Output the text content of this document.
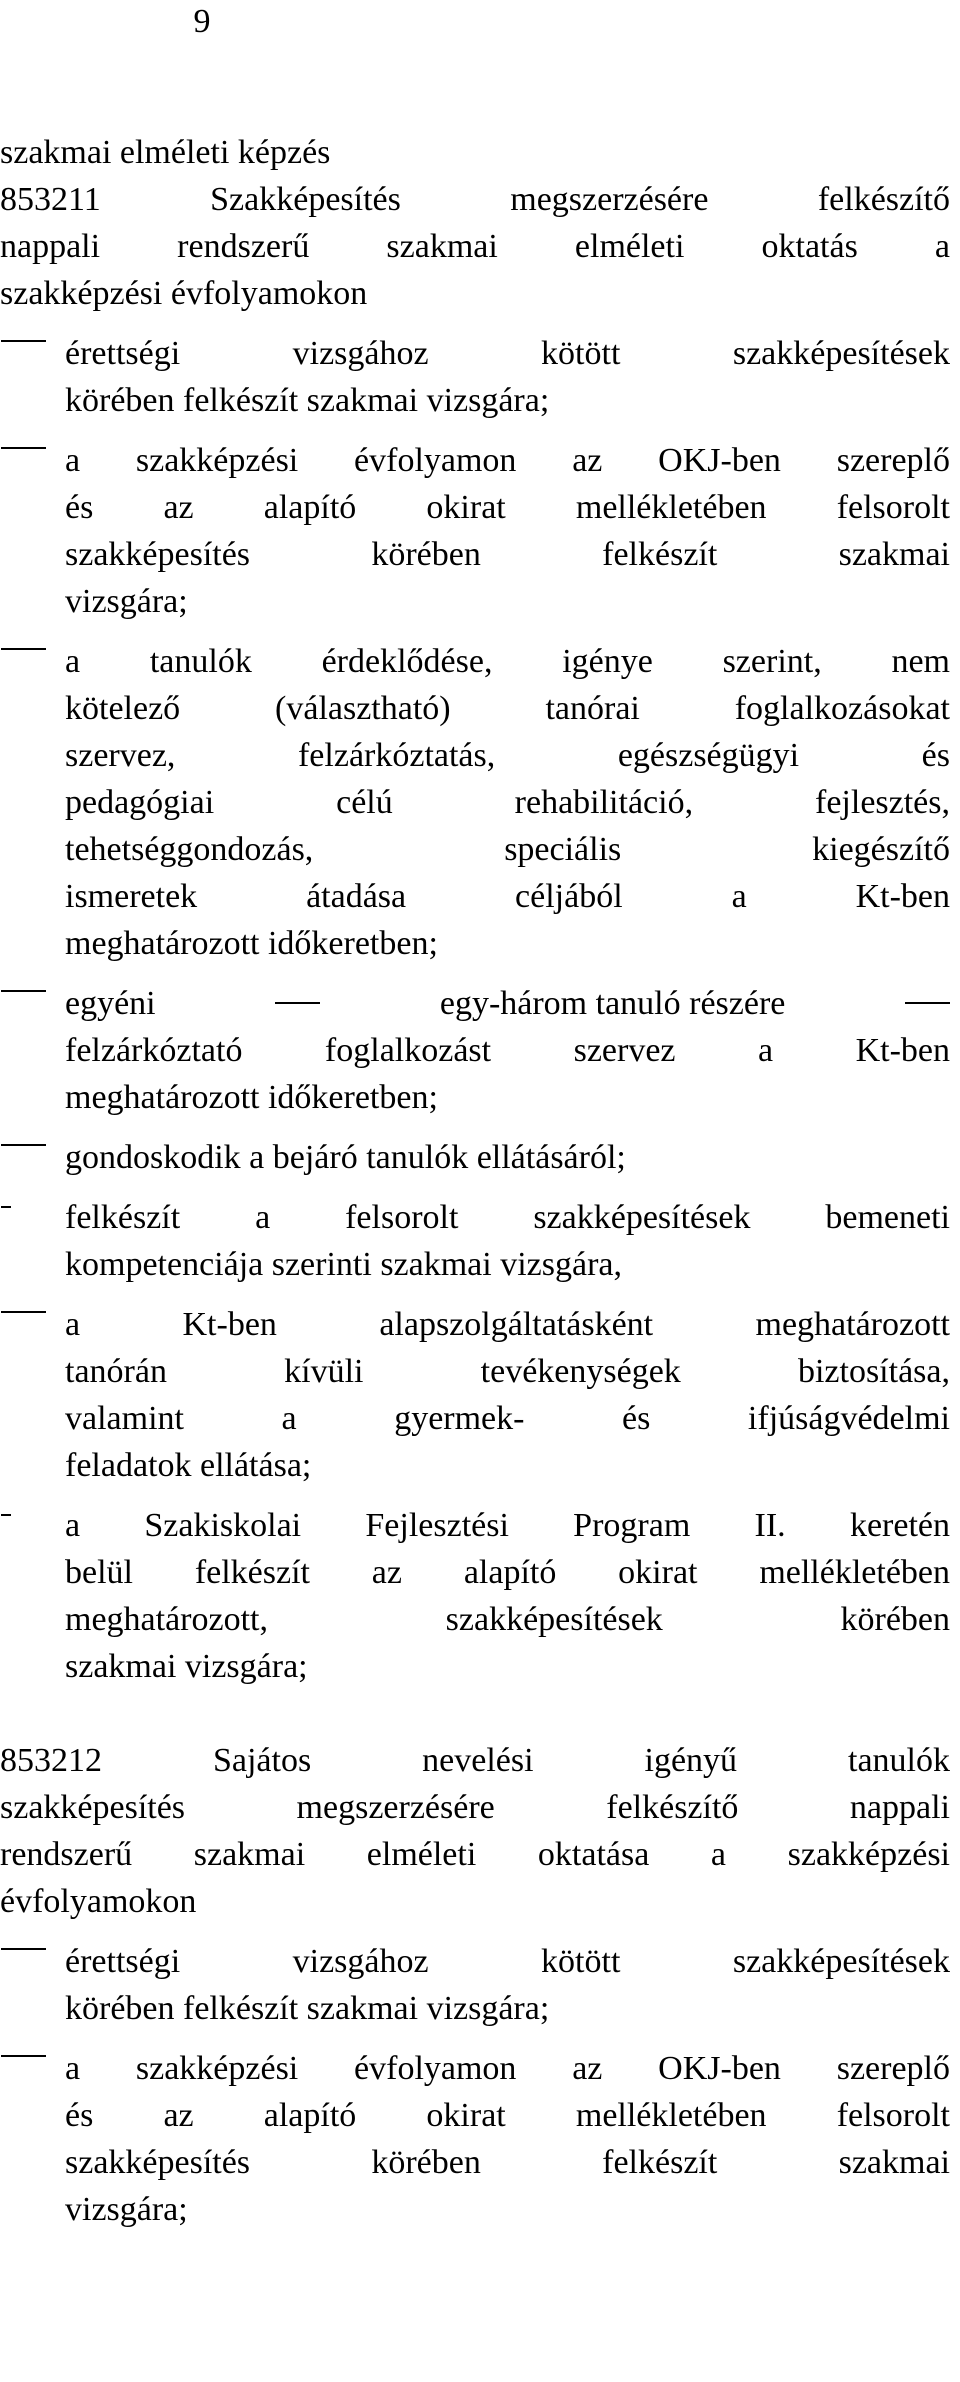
9
szakmai elméleti képzés
853211 Szakképesítés megszerzésére felkészítő
nappali rendszerű szakmai elméleti oktatás a
szakképzési évfolyamokon
érettségi vizsgához kötött szakképesítések
körében felkészít szakmai vizsgára;
a szakképzési évfolyamon az OKJ-ben szereplő
és az alapító okirat mellékletében felsorolt
szakképesítés körében felkészít szakmai
vizsgára;
a tanulók érdeklődése, igénye szerint, nem
kötelező (választható) tanórai foglalkozásokat
szervez, felzárkóztatás, egészségügyi és
pedagógiai célú rehabilitáció, fejlesztés,
tehetséggondozás, speciális kiegészítő
ismeretek átadása céljából a Kt-ben
meghatározott időkeretben;
egyéni	egy-három tanuló részére
felzárkóztató foglalkozást szervez a Kt-ben
meghatározott időkeretben;
gondoskodik a bejáró tanulók ellátásáról;
felkészít a felsorolt szakképesítések bemeneti
kompetenciája szerinti szakmai vizsgára,
a Kt-ben alapszolgáltatásként meghatározott
tanórán kívüli tevékenységek biztosítása,
valamint a gyermek- és ifjúságvédelmi
feladatok ellátása;
a Szakiskolai Fejlesztési Program II. keretén
belül felkészít az alapító okirat mellékletében
meghatározott, szakképesítések körében
szakmai vizsgára;
853212 Sajátos nevelési igényű tanulók
szakképesítés megszerzésére felkészítő nappali
rendszerű szakmai elméleti oktatása a szakképzési
évfolyamokon
érettségi vizsgához kötött szakképesítések
körében felkészít szakmai vizsgára;
a szakképzési évfolyamon az OKJ-ben szereplő
és az alapító okirat mellékletében felsorolt
szakképesítés körében felkészít szakmai
vizsgára;
